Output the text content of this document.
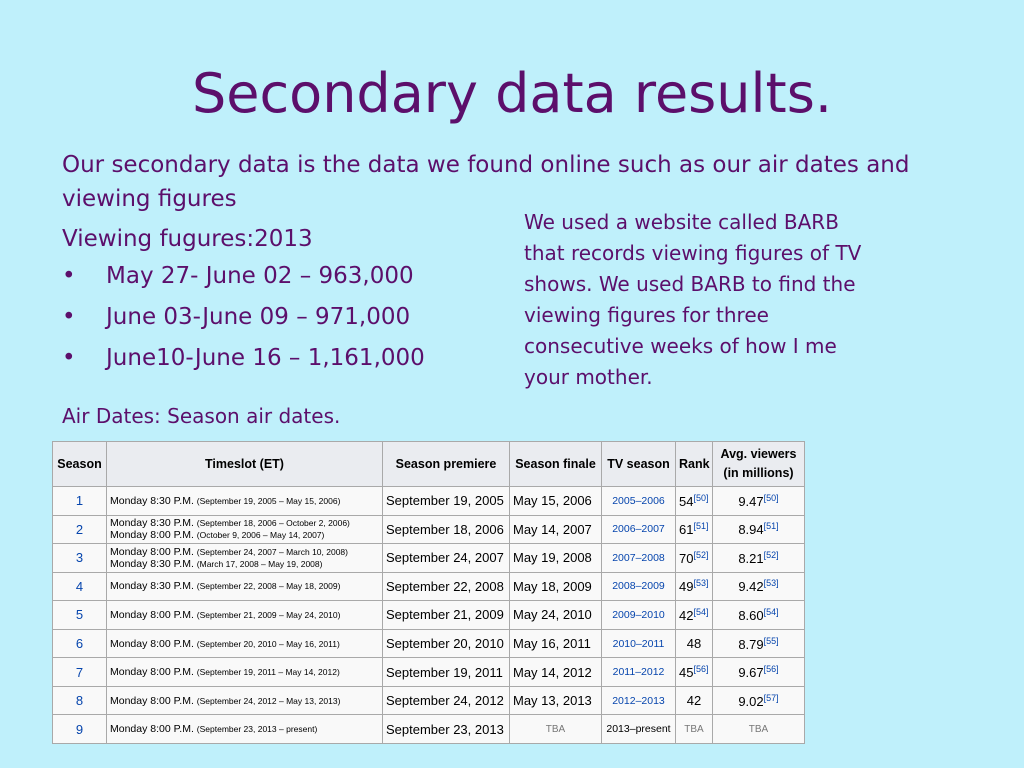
Secondary data results.

Our secondary data is the data we found online such as our air dates and viewing figures

Viewing fugures:2013

• May 27- June 02 – 963,000
• June 03-June 09 – 971,000
• June10-June 16 – 1,161,000
We used a website called BARB that records viewing figures of TV shows. We used BARB to find the viewing figures for three consecutive weeks of how I me your mother.
Air Dates: Season air dates.
Season	Timeslot (ET)	Season premiere	Season finale	TV season	Rank	Avg. viewers (in millions)
1	Monday 8:30 P.M. (September 19, 2005 – May 15, 2006)	September 19, 2005	May 15, 2006	2005–2006	54[50]	9.47[50]
2	Monday 8:30 P.M. (September 18, 2006 – October 2, 2006)
Monday 8:00 P.M. (October 9, 2006 – May 14, 2007)	September 18, 2006	May 14, 2007	2006–2007	61[51]	8.94[51]
3	Monday 8:00 P.M. (September 24, 2007 – March 10, 2008)
Monday 8:30 P.M. (March 17, 2008 – May 19, 2008)	September 24, 2007	May 19, 2008	2007–2008	70[52]	8.21[52]
4	Monday 8:30 P.M. (September 22, 2008 – May 18, 2009)	September 22, 2008	May 18, 2009	2008–2009	49[53]	9.42[53]
5	Monday 8:00 P.M. (September 21, 2009 – May 24, 2010)	September 21, 2009	May 24, 2010	2009–2010	42[54]	8.60[54]
6	Monday 8:00 P.M. (September 20, 2010 – May 16, 2011)	September 20, 2010	May 16, 2011	2010–2011	48	8.79[55]
7	Monday 8:00 P.M. (September 19, 2011 – May 14, 2012)	September 19, 2011	May 14, 2012	2011–2012	45[56]	9.67[56]
8	Monday 8:00 P.M. (September 24, 2012 – May 13, 2013)	September 24, 2012	May 13, 2013	2012–2013	42	9.02[57]
9	Monday 8:00 P.M. (September 23, 2013 – present)	September 23, 2013	TBA	2013–present	TBA	TBA
